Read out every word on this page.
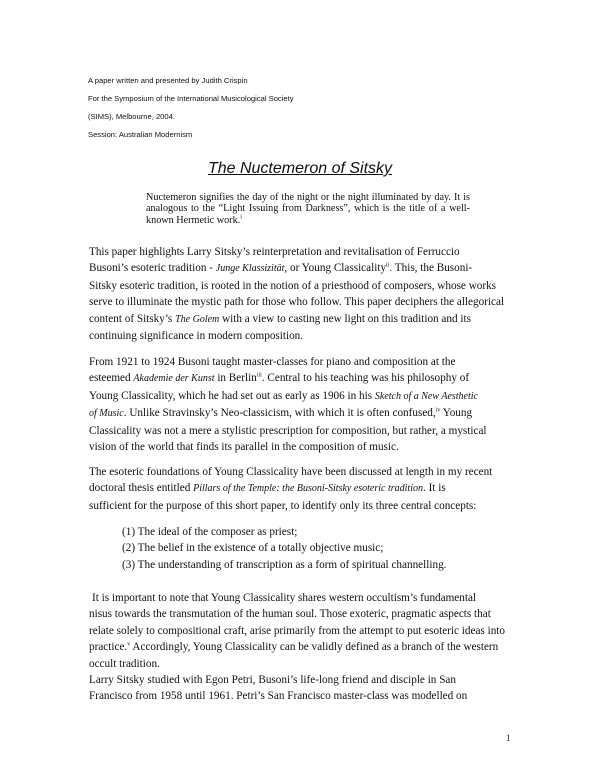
A paper written and presented by Judith Crispin
For the Symposium of the International Musicological Society
(SIMS), Melbourne, 2004.
Session: Australian Modernism
The Nuctemeron of Sitsky
Nuctemeron signifies the day of the night or the night illuminated by day. It is analogous to the “Light Issuing from Darkness”, which is the title of a well-known Hermetic work.$^i$
This paper highlights Larry Sitsky’s reinterpretation and revitalisation of Ferruccio
Busoni’s esoteric tradition - Junge Klassizität, or Young Classicality$^{ii}$. This, the Busoni-
Sitsky esoteric tradition, is rooted in the notion of a priesthood of composers, whose works
serve to illuminate the mystic path for those who follow. This paper deciphers the allegorical
content of Sitsky’s The Golem with a view to casting new light on this tradition and its
continuing significance in modern composition.
From 1921 to 1924 Busoni taught master-classes for piano and composition at the
esteemed Akademie der Kunst in Berlin$^{iii}$. Central to his teaching was his philosophy of
Young Classicality, which he had set out as early as 1906 in his Sketch of a New Aesthetic
of Music. Unlike Stravinsky’s Neo-classicism, with which it is often confused,$^{iv}$ Young
Classicality was not a mere a stylistic prescription for composition, but rather, a mystical
vision of the world that finds its parallel in the composition of music.
The esoteric foundations of Young Classicality have been discussed at length in my recent
doctoral thesis entitled Pillars of the Temple: the Busoni-Sitsky esoteric tradition. It is
sufficient for the purpose of this short paper, to identify only its three central concepts:
(1) The ideal of the composer as priest;
(2) The belief in the existence of a totally objective music;
(3) The understanding of transcription as a form of spiritual channelling.
It is important to note that Young Classicality shares western occultism’s fundamental
nisus towards the transmutation of the human soul. Those exoteric, pragmatic aspects that
relate solely to compositional craft, arise primarily from the attempt to put esoteric ideas into
practice.$^v$ Accordingly, Young Classicality can be validly defined as a branch of the western
occult tradition.
Larry Sitsky studied with Egon Petri, Busoni’s life-long friend and disciple in San
Francisco from 1958 until 1961. Petri’s San Francisco master-class was modelled on
1
